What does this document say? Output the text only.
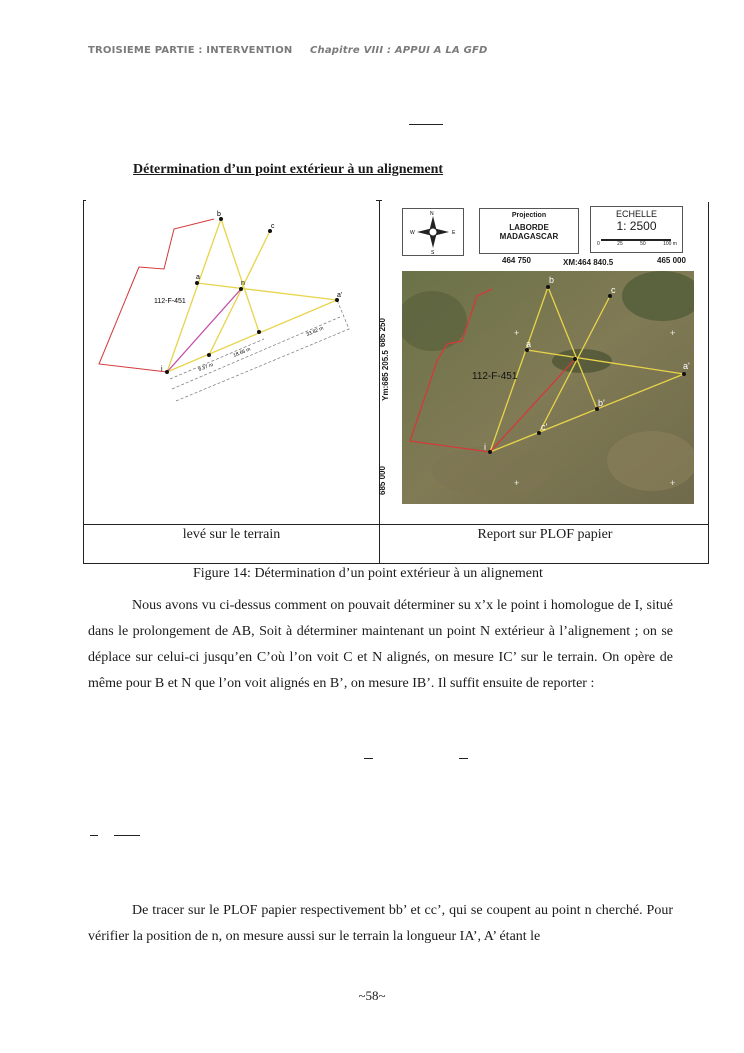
TROISIEME PARTIE : INTERVENTION Chapitre VIII : APPUI A LA GFD
Détermination d’un point extérieur à un alignement
b
c
a
n
a'
i
112-F-451
8.37 m
18.66 m
33.82 m
N
E
S
W
Projection
LABORDE
MADAGASCAR
ECHELLE
1: 2500
0	25	50	100 m
464 750	XM:464 840.5	465 000
685 250
Ym:685 205.5
685 000
b
c
a
a'
b'
c'
i
112-F-451
+	+
+	+
levé sur le terrain	Report sur PLOF papier
Figure 14: Détermination d’un point extérieur à un alignement
Nous avons vu ci-dessus comment on pouvait déterminer su x’x le point i homologue de I, situé dans le prolongement de AB, Soit à déterminer maintenant un point N extérieur à l’alignement ; on se déplace sur celui-ci jusqu’en C’où l’on voit C et N alignés, on mesure IC’ sur le terrain. On opère de même pour B et N que l’on voit alignés en B’, on mesure IB’. Il suffit ensuite de reporter :
De tracer sur le PLOF papier respectivement bb’ et cc’, qui se coupent au point n cherché. Pour vérifier la position de n, on mesure aussi sur le terrain la longueur IA’, A’ étant le
~58~
